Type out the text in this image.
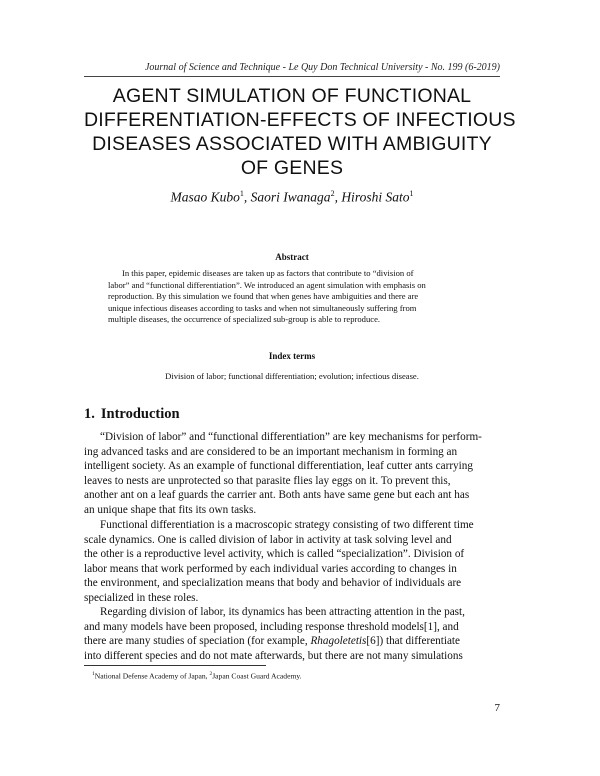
Journal of Science and Technique - Le Quy Don Technical University - No. 199 (6-2019)
AGENT SIMULATION OF FUNCTIONAL
DIFFERENTIATION-EFFECTS OF INFECTIOUS
DISEASES ASSOCIATED WITH AMBIGUITY
OF GENES
Masao Kubo$^1$, Saori Iwanaga$^2$, Hiroshi Sato$^1$
Abstract
In this paper, epidemic diseases are taken up as factors that contribute to “division of
labor” and “functional differentiation”. We introduced an agent simulation with emphasis on
reproduction. By this simulation we found that when genes have ambiguities and there are
unique infectious diseases according to tasks and when not simultaneously suffering from
multiple diseases, the occurrence of specialized sub-group is able to reproduce.
Index terms
Division of labor; functional differentiation; evolution; infectious disease.
1. Introduction
“Division of labor” and “functional differentiation” are key mechanisms for perform-
ing advanced tasks and are considered to be an important mechanism in forming an
intelligent society. As an example of functional differentiation, leaf cutter ants carrying
leaves to nests are unprotected so that parasite flies lay eggs on it. To prevent this,
another ant on a leaf guards the carrier ant. Both ants have same gene but each ant has
an unique shape that fits its own tasks.
Functional differentiation is a macroscopic strategy consisting of two different time
scale dynamics. One is called division of labor in activity at task solving level and
the other is a reproductive level activity, which is called “specialization”. Division of
labor means that work performed by each individual varies according to changes in
the environment, and specialization means that body and behavior of individuals are
specialized in these roles.
Regarding division of labor, its dynamics has been attracting attention in the past,
and many models have been proposed, including response threshold models[1], and
there are many studies of speciation (for example, Rhagoletetis[6]) that differentiate
into different species and do not mate afterwards, but there are not many simulations
$^1$National Defense Academy of Japan, $^2$Japan Coast Guard Academy.
7
